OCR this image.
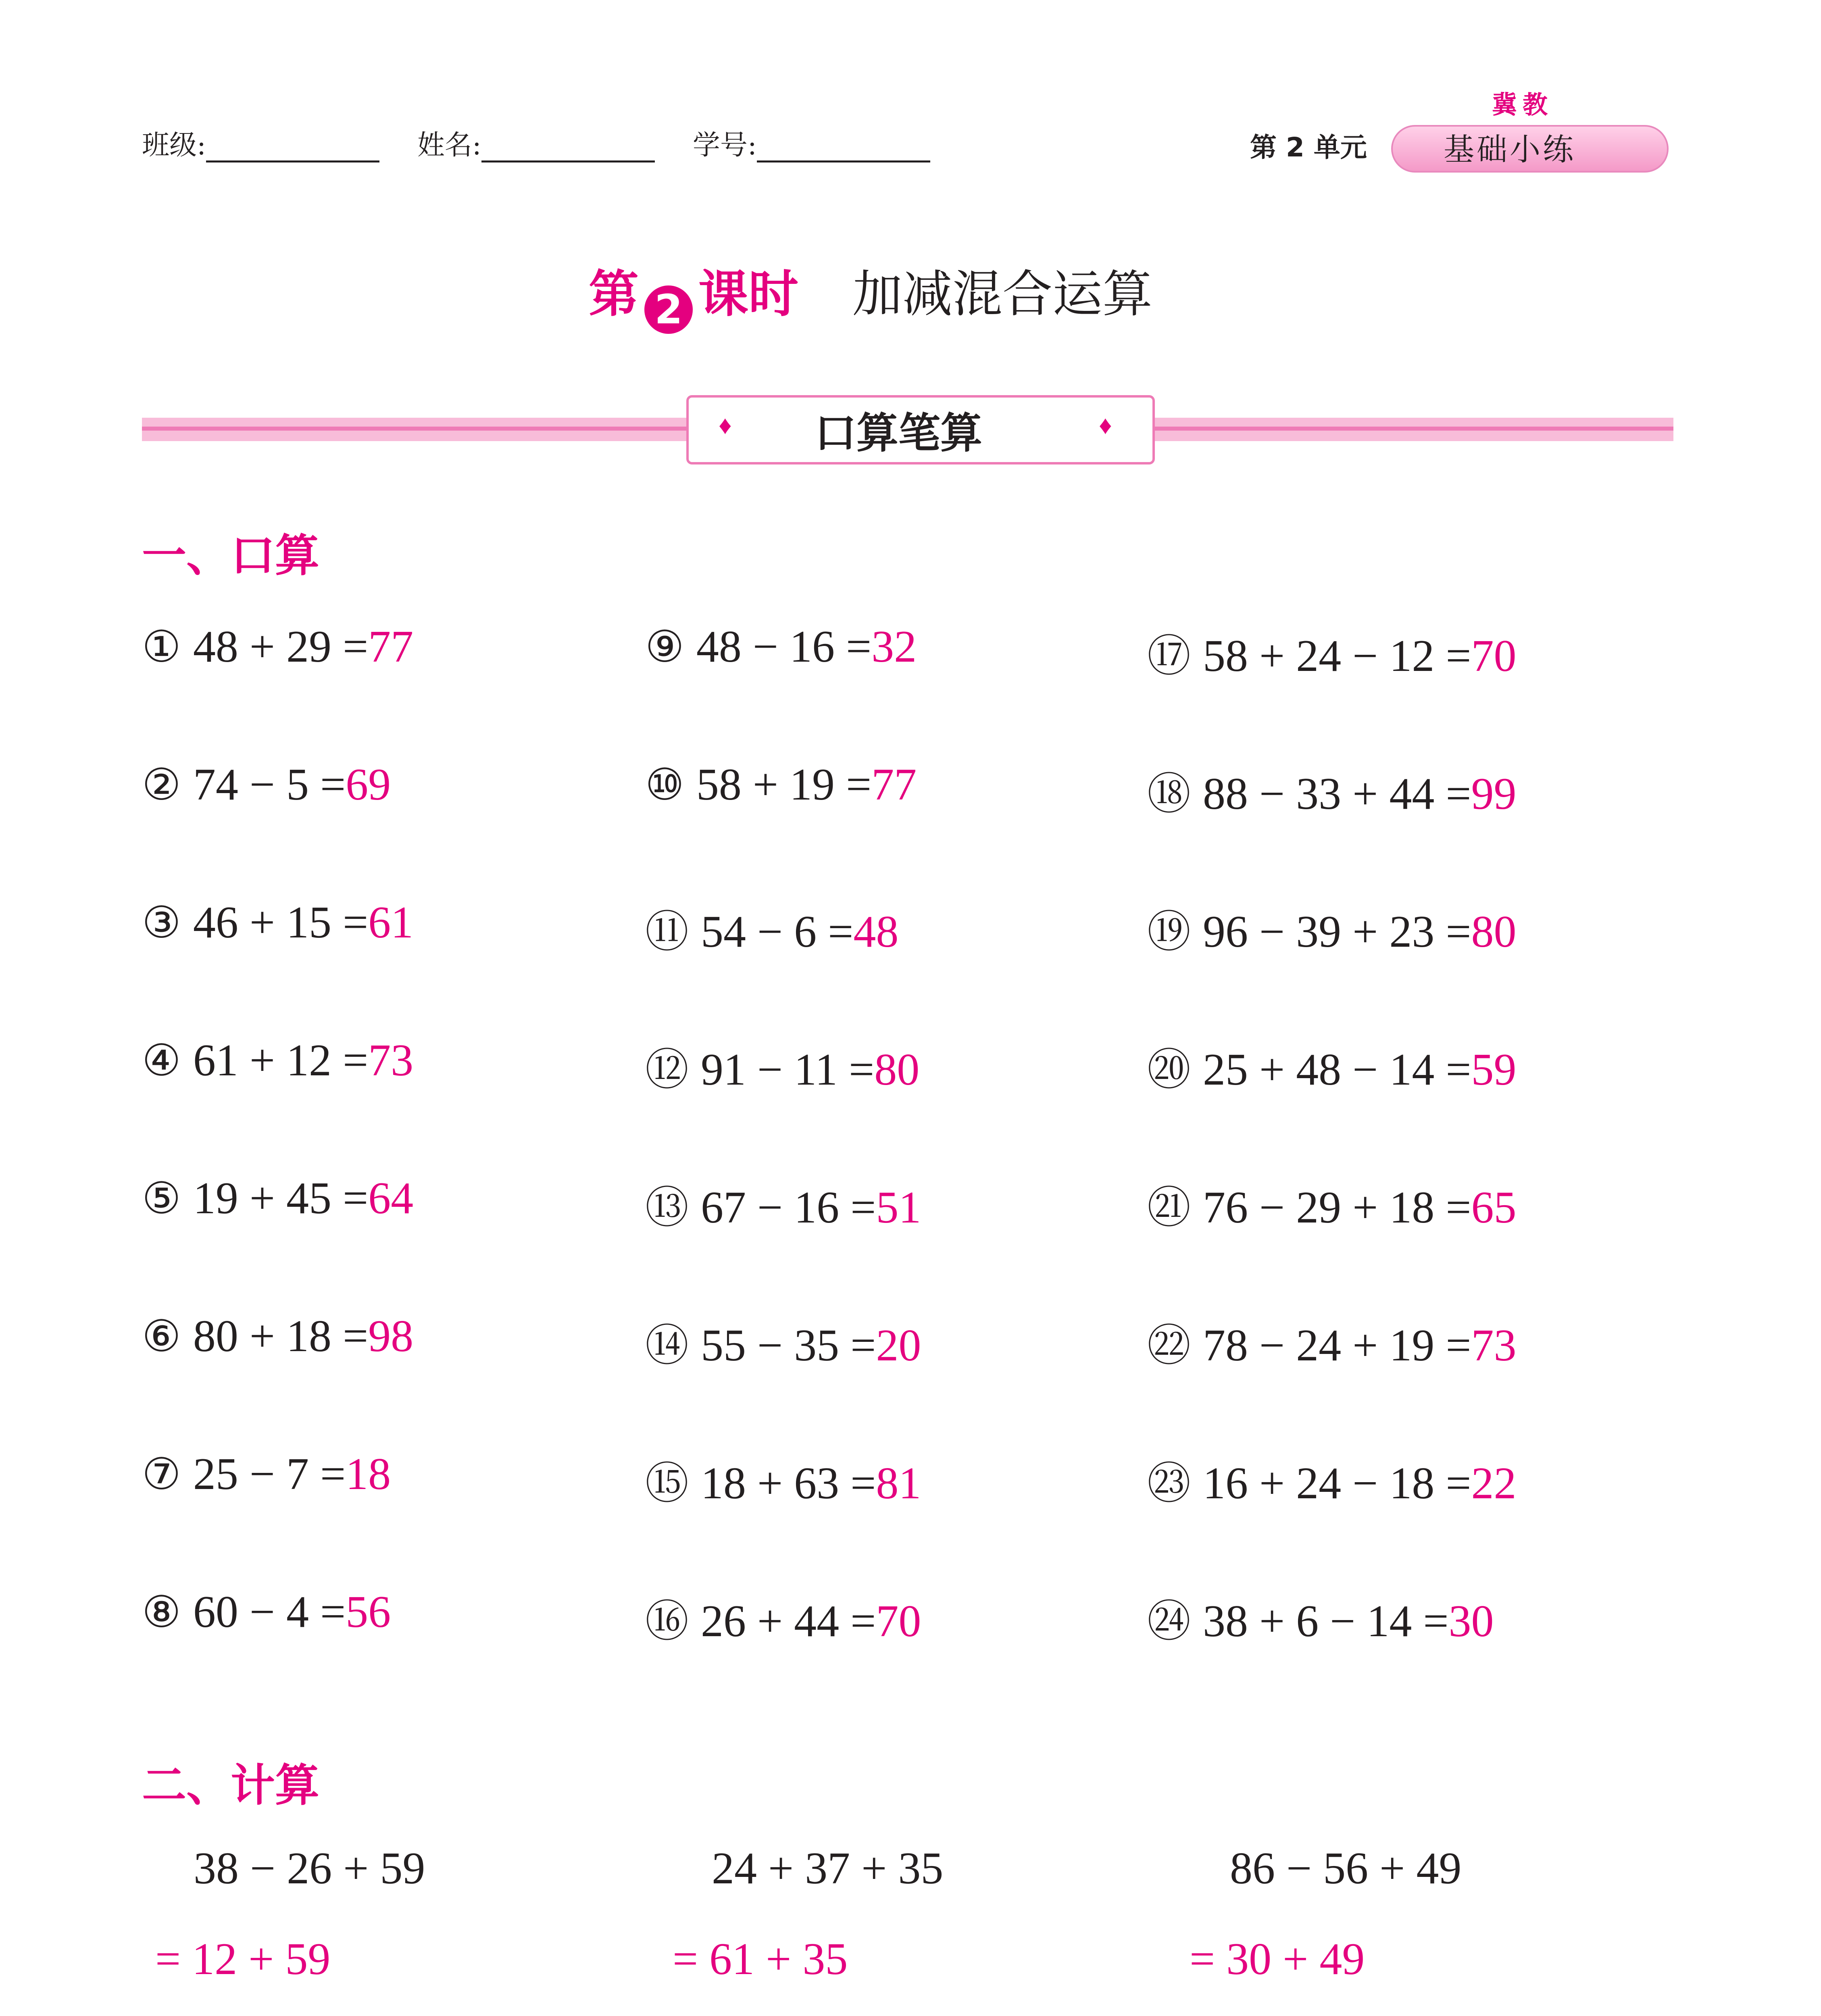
班级:	姓名:	学号:	第 2 单元
冀教
基础小练
第 2 课时 加减混合运算
♦	♦
口算笔算
一、口算
① 48 + 29 =77
② 74 − 5 =69
③ 46 + 15 =61
④ 61 + 12 =73
⑤ 19 + 45 =64
⑥ 80 + 18 =98
⑦ 25 − 7 =18
⑧ 60 − 4 =56
⑨ 48 − 16 =32
⑩ 58 + 19 =77
⑪ 54 − 6 =48
⑫ 91 − 11 =80
⑬ 67 − 16 =51
⑭ 55 − 35 =20
⑮ 18 + 63 =81
⑯ 26 + 44 =70
⑰ 58 + 24 − 12 =70
⑱ 88 − 33 + 44 =99
⑲ 96 − 39 + 23 =80
⑳ 25 + 48 − 14 =59
㉑ 76 − 29 + 18 =65
㉒ 78 − 24 + 19 =73
㉓ 16 + 24 − 18 =22
㉔ 38 + 6 − 14 =30
二、计算
38 − 26 + 59
= 12 + 59
24 + 37 + 35
= 61 + 35
86 − 56 + 49
= 30 + 49
